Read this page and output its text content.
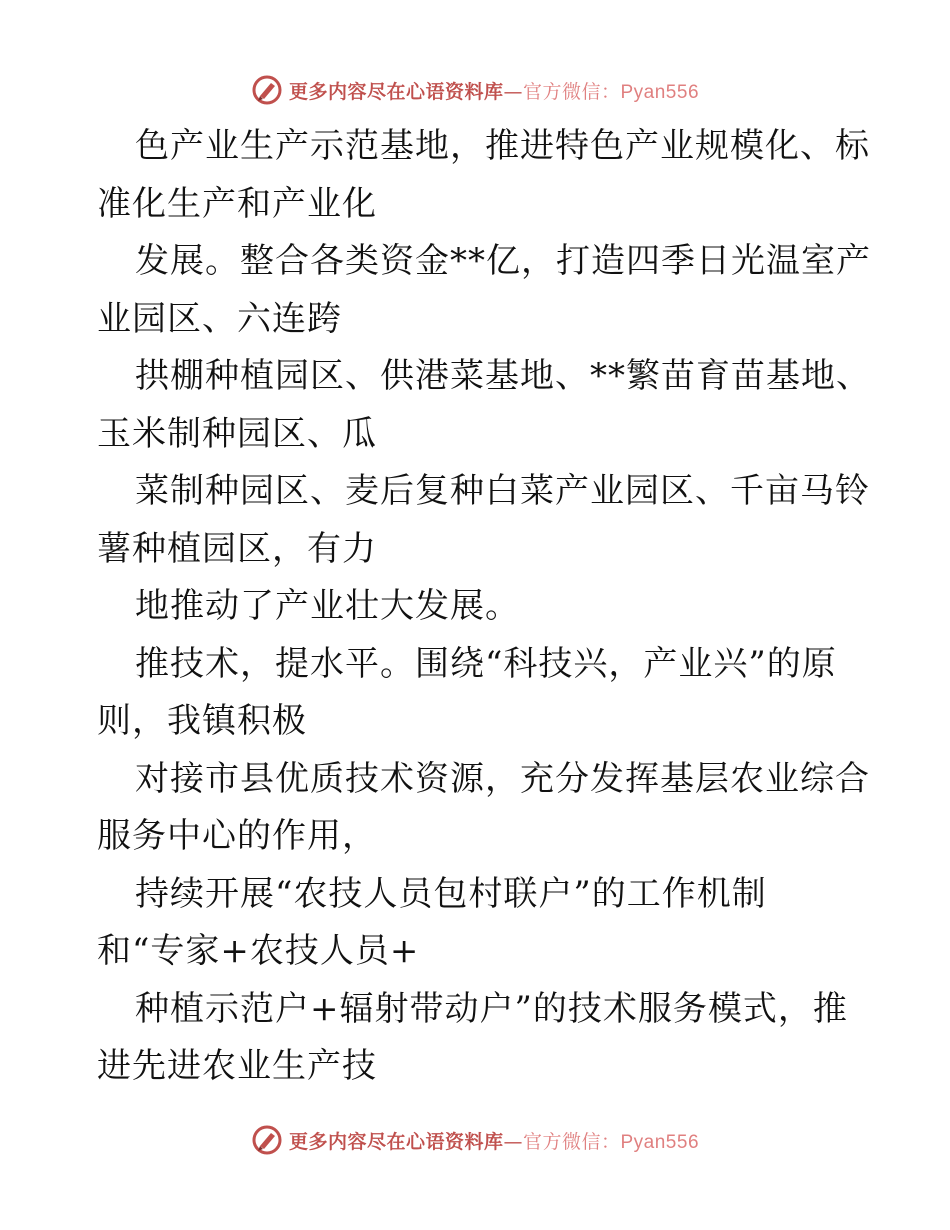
更多内容尽在心语资料库—官方微信：Pyan556
色产业生产示范基地，推进特色产业规模化、标
准化生产和产业化
发展。整合各类资金**亿，打造四季日光温室产
业园区、六连跨
拱棚种植园区、供港菜基地、**繁苗育苗基地、
玉米制种园区、瓜
菜制种园区、麦后复种白菜产业园区、千亩马铃
薯种植园区，有力
地推动了产业壮大发展。
推技术，提水平。围绕“科技兴，产业兴”的原
则，我镇积极
对接市县优质技术资源，充分发挥基层农业综合
服务中心的作用，
持续开展“农技人员包村联户”的工作机制
和“专家+农技人员+
种植示范户+辐射带动户”的技术服务模式，推
进先进农业生产技
更多内容尽在心语资料库—官方微信：Pyan556
